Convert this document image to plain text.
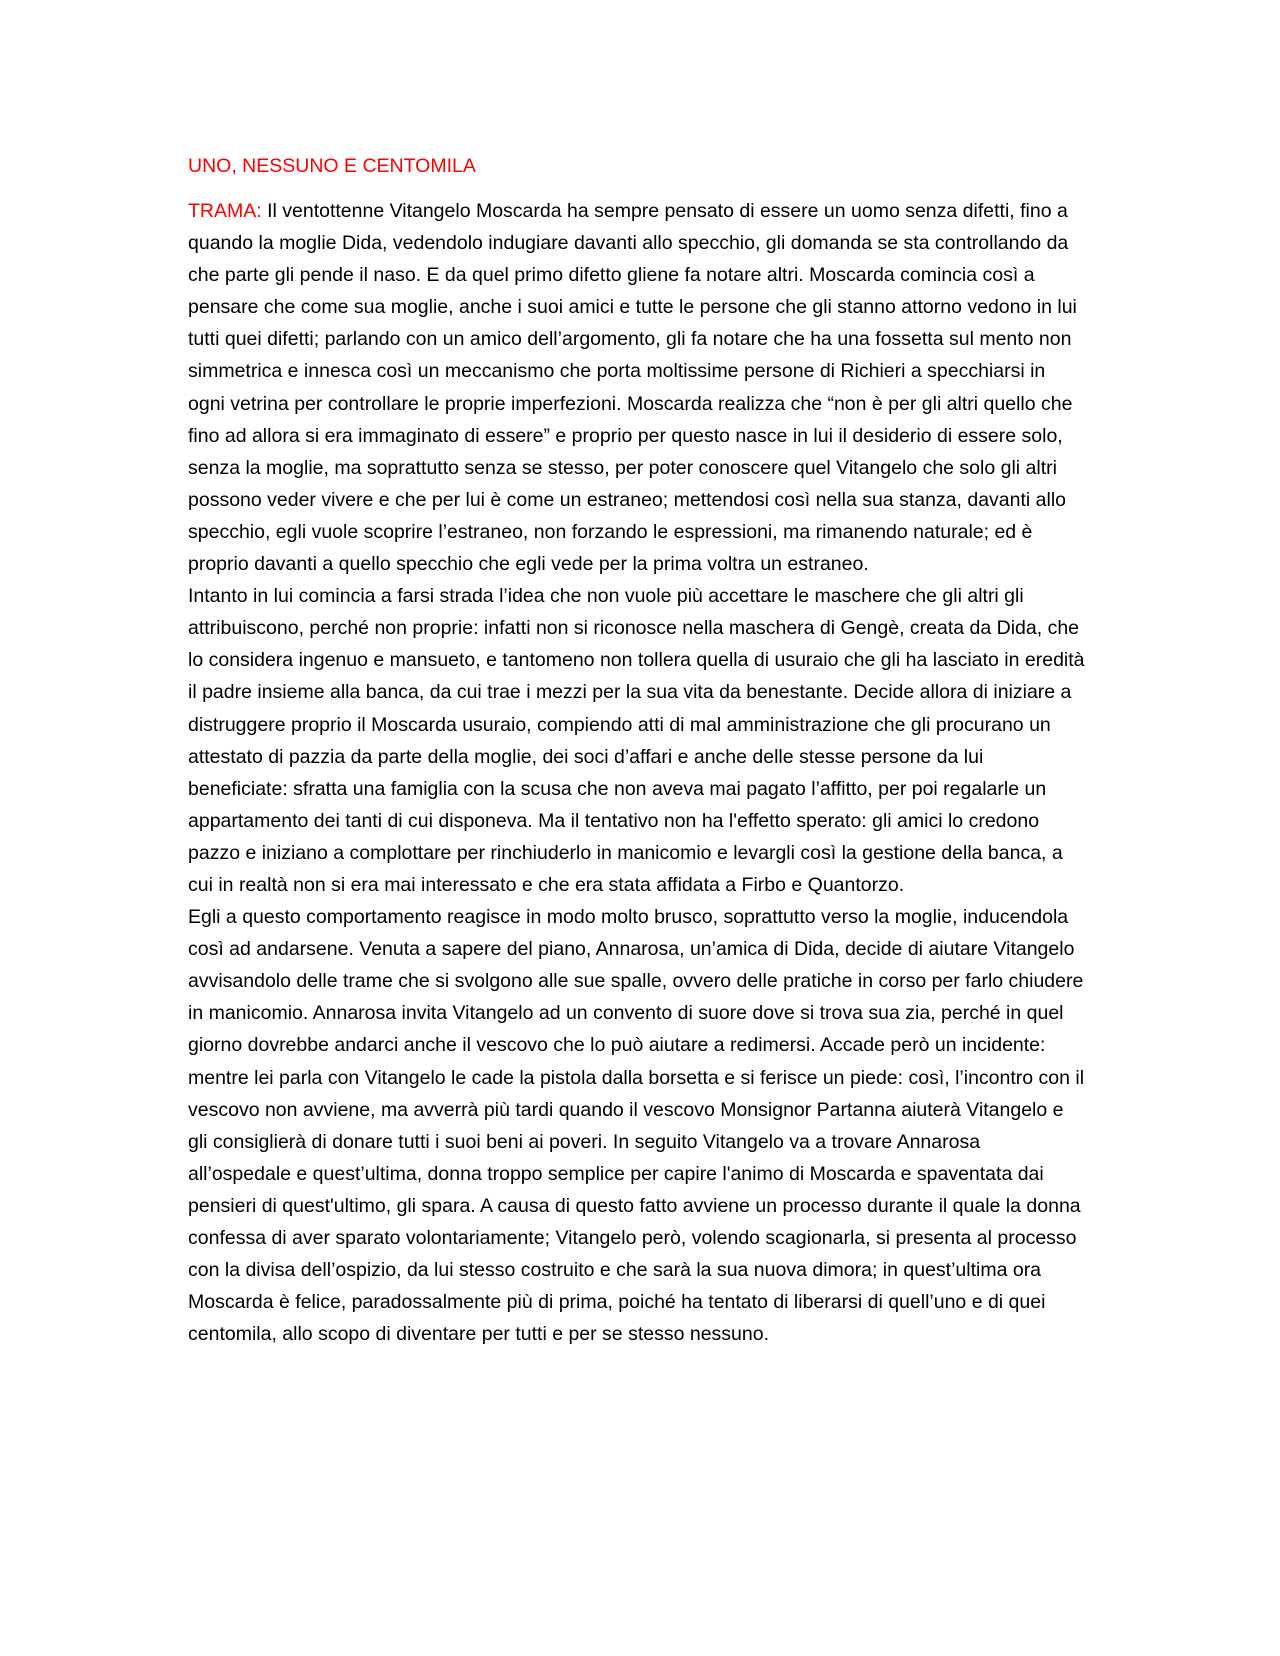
UNO, NESSUNO E CENTOMILA

TRAMA: Il ventottenne Vitangelo Moscarda ha sempre pensato di essere un uomo senza difetti, fino a quando la moglie Dida, vedendolo indugiare davanti allo specchio, gli domanda se sta controllando da che parte gli pende il naso. E da quel primo difetto gliene fa notare altri. Moscarda comincia così a pensare che come sua moglie, anche i suoi amici e tutte le persone che gli stanno attorno vedono in lui tutti quei difetti; parlando con un amico dell’argomento, gli fa notare che ha una fossetta sul mento non simmetrica e innesca così un meccanismo che porta moltissime persone di Richieri a specchiarsi in ogni vetrina per controllare le proprie imperfezioni. Moscarda realizza che “non è per gli altri quello che fino ad allora si era immaginato di essere” e proprio per questo nasce in lui il desiderio di essere solo, senza la moglie, ma soprattutto senza se stesso, per poter conoscere quel Vitangelo che solo gli altri possono veder vivere e che per lui è come un estraneo; mettendosi così nella sua stanza, davanti allo specchio, egli vuole scoprire l’estraneo, non forzando le espressioni, ma rimanendo naturale; ed è proprio davanti a quello specchio che egli vede per la prima voltra un estraneo.

Intanto in lui comincia a farsi strada l’idea che non vuole più accettare le maschere che gli altri gli attribuiscono, perché non proprie: infatti non si riconosce nella maschera di Gengè, creata da Dida, che lo considera ingenuo e mansueto, e tantomeno non tollera quella di usuraio che gli ha lasciato in eredità il padre insieme alla banca, da cui trae i mezzi per la sua vita da benestante. Decide allora di iniziare a distruggere proprio il Moscarda usuraio, compiendo atti di mal amministrazione che gli procurano un attestato di pazzia da parte della moglie, dei soci d’affari e anche delle stesse persone da lui beneficiate: sfratta una famiglia con la scusa che non aveva mai pagato l’affitto, per poi regalarle un appartamento dei tanti di cui disponeva. Ma il tentativo non ha l'effetto sperato: gli amici lo credono pazzo e iniziano a complottare per rinchiuderlo in manicomio e levargli così la gestione della banca, a cui in realtà non si era mai interessato e che era stata affidata a Firbo e Quantorzo.

Egli a questo comportamento reagisce in modo molto brusco, soprattutto verso la moglie, inducendola così ad andarsene. Venuta a sapere del piano, Annarosa, un’amica di Dida, decide di aiutare Vitangelo avvisandolo delle trame che si svolgono alle sue spalle, ovvero delle pratiche in corso per farlo chiudere in manicomio. Annarosa invita Vitangelo ad un convento di suore dove si trova sua zia, perché in quel giorno dovrebbe andarci anche il vescovo che lo può aiutare a redimersi. Accade però un incidente: mentre lei parla con Vitangelo le cade la pistola dalla borsetta e si ferisce un piede: così, l’incontro con il vescovo non avviene, ma avverrà più tardi quando il vescovo Monsignor Partanna aiuterà Vitangelo e gli consiglierà di donare tutti i suoi beni ai poveri. In seguito Vitangelo va a trovare Annarosa all’ospedale e quest’ultima, donna troppo semplice per capire l'animo di Moscarda e spaventata dai pensieri di quest'ultimo, gli spara. A causa di questo fatto avviene un processo durante il quale la donna confessa di aver sparato volontariamente; Vitangelo però, volendo scagionarla, si presenta al processo con la divisa dell’ospizio, da lui stesso costruito e che sarà la sua nuova dimora; in quest’ultima ora Moscarda è felice, paradossalmente più di prima, poiché ha tentato di liberarsi di quell’uno e di quei centomila, allo scopo di diventare per tutti e per se stesso nessuno.
